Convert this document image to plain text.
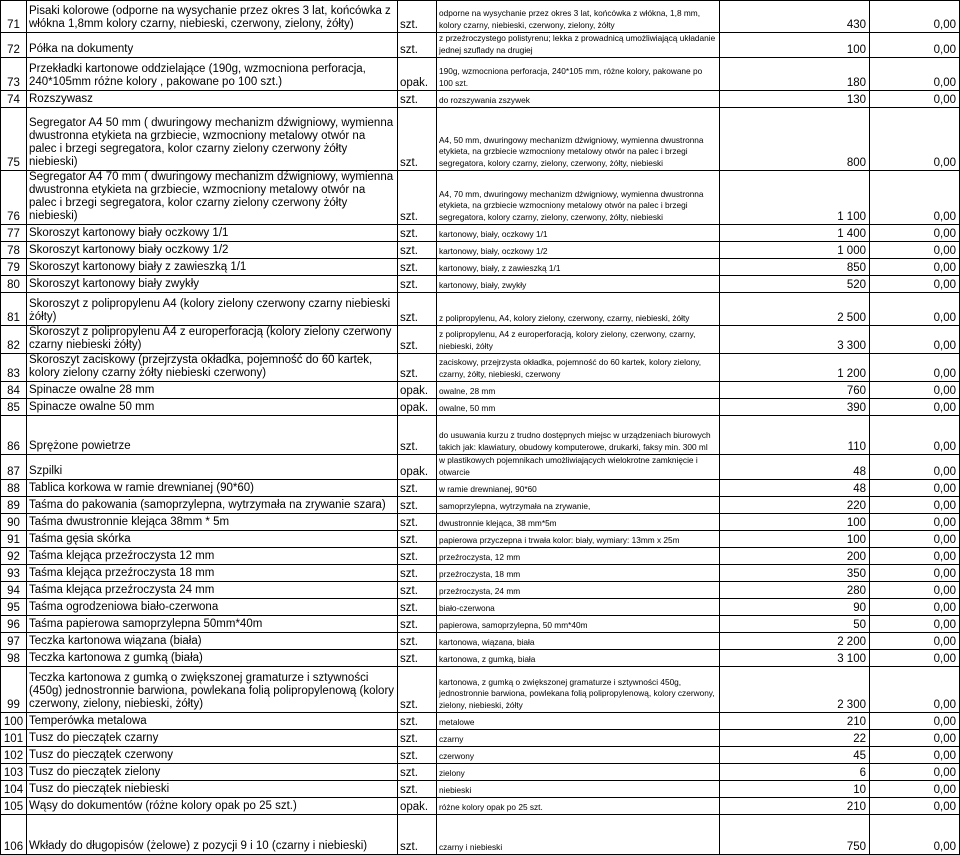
71	Pisaki kolorowe (odporne na wysychanie przez okres 3 lat, końcówka z włókna 1,8mm kolory czarny, niebieski, czerwony, zielony, żółty)	szt.	odporne na wysychanie przez okres 3 lat, końcówka z włókna, 1,8 mm, kolory czarny, niebieski, czerwony, zielony, żółty	430	0,00
72	Półka na dokumenty	szt.	z przeźroczystego polistyrenu; lekka z prowadnicą umożliwiającą układanie jednej szuflady na drugiej	100	0,00
73	Przekładki kartonowe oddzielające (190g, wzmocniona perforacja, 240*105mm różne kolory , pakowane po 100 szt.)	opak.	190g, wzmocniona perforacja, 240*105 mm, różne kolory, pakowane po 100 szt.	180	0,00
74	Rozszywasz	szt.	do rozszywania zszywek	130	0,00
75	Segregator A4 50 mm ( dwuringowy mechanizm dźwigniowy, wymienna dwustronna etykieta na grzbiecie, wzmocniony metalowy otwór na palec i brzegi segregatora, kolor czarny zielony czerwony żółty niebieski)	szt.	A4, 50 mm, dwuringowy mechanizm dźwigniowy, wymienna dwustronna etykieta, na grzbiecie wzmocniony metalowy otwór na palec i brzegi segregatora, kolory czarny, zielony, czerwony, żółty, niebieski	800	0,00
76	Segregator A4 70 mm ( dwuringowy mechanizm dźwigniowy, wymienna dwustronna etykieta na grzbiecie, wzmocniony metalowy otwór na palec i brzegi segregatora, kolor czarny zielony czerwony żółty niebieski)	szt.	A4, 70 mm, dwuringowy mechanizm dźwigniowy, wymienna dwustronna etykieta, na grzbiecie wzmocniony metalowy otwór na palec i brzegi segregatora, kolory czarny, zielony, czerwony, żółty, niebieski	1 100	0,00
77	Skoroszyt kartonowy biały oczkowy 1/1	szt.	kartonowy, biały, oczkowy 1/1	1 400	0,00
78	Skoroszyt kartonowy biały oczkowy 1/2	szt.	kartonowy, biały, oczkowy 1/2	1 000	0,00
79	Skoroszyt kartonowy biały z zawieszką 1/1	szt.	kartonowy, biały, z zawieszką 1/1	850	0,00
80	Skoroszyt kartonowy biały zwykły	szt.	kartonowy, biały, zwykły	520	0,00
81	Skoroszyt z polipropylenu A4 (kolory zielony czerwony czarny niebieski żółty)	szt.	z polipropylenu, A4, kolory zielony, czerwony, czarny, niebieski, żółty	2 500	0,00
82	Skoroszyt z polipropylenu A4 z europerforacją (kolory zielony czerwony czarny niebieski żółty)	szt.	z polipropylenu, A4 z europerforacją, kolory zielony, czerwony, czarny, niebieski, żółty	3 300	0,00
83	Skoroszyt zaciskowy (przejrzysta okładka, pojemność do 60 kartek, kolory zielony czarny żółty niebieski czerwony)	szt.	zaciskowy, przejrzysta okładka, pojemność do 60 kartek, kolory zielony, czarny, żółty, niebieski, czerwony	1 200	0,00
84	Spinacze owalne 28 mm	opak.	owalne, 28 mm	760	0,00
85	Spinacze owalne 50 mm	opak.	owalne, 50 mm	390	0,00
86	Sprężone powietrze	szt.	do usuwania kurzu z trudno dostępnych miejsc w urządzeniach biurowych takich jak: klawiatury, obudowy komputerowe, drukarki, faksy min. 300 ml	110	0,00
87	Szpilki	opak.	w plastikowych pojemnikach umożliwiających wielokrotne zamknięcie i otwarcie	48	0,00
88	Tablica korkowa w ramie drewnianej (90*60)	szt.	w ramie drewnianej, 90*60	48	0,00
89	Taśma do pakowania (samoprzylepna, wytrzymała na zrywanie szara)	szt.	samoprzylepna, wytrzymała na zrywanie,	220	0,00
90	Taśma dwustronnie klejąca 38mm * 5m	szt.	dwustronnie klejąca, 38 mm*5m	100	0,00
91	Taśma gęsia skórka	szt.	papierowa przyczepna i trwała kolor: biały, wymiary: 13mm x 25m	100	0,00
92	Taśma klejąca przeźroczysta 12 mm	szt.	przeźroczysta, 12 mm	200	0,00
93	Taśma klejąca przeźroczysta 18 mm	szt.	przeźroczysta, 18 mm	350	0,00
94	Taśma klejąca przeźroczysta 24 mm	szt.	przeźroczysta, 24 mm	280	0,00
95	Taśma ogrodzeniowa biało-czerwona	szt.	biało-czerwona	90	0,00
96	Taśma papierowa samoprzylepna 50mm*40m	szt.	papierowa, samoprzylepna, 50 mm*40m	50	0,00
97	Teczka kartonowa wiązana (biała)	szt.	kartonowa, wiązana, biała	2 200	0,00
98	Teczka kartonowa z gumką (biała)	szt.	kartonowa, z gumką, biała	3 100	0,00
99	Teczka kartonowa z gumką o zwiększonej gramaturze i sztywności (450g) jednostronnie barwiona, powlekana folią polipropylenową (kolory czerwony, zielony, niebieski, żółty)	szt.	kartonowa, z gumką o zwiększonej gramaturze i sztywności 450g, jednostronnie barwiona, powlekana folią polipropylenową, kolory czerwony, zielony, niebieski, żółty	2 300	0,00
100	Temperówka metalowa	szt.	metalowe	210	0,00
101	Tusz do pieczątek czarny	szt.	czarny	22	0,00
102	Tusz do pieczątek czerwony	szt.	czerwony	45	0,00
103	Tusz do pieczątek zielony	szt.	zielony	6	0,00
104	Tusz do pieczątek niebieski	szt.	niebieski	10	0,00
105	Wąsy do dokumentów (różne kolory opak po 25 szt.)	opak.	różne kolory opak po 25 szt.	210	0,00
106	Wkłady do długopisów (żelowe) z pozycji 9 i 10 (czarny i niebieski)	szt.	czarny i niebieski	750	0,00
